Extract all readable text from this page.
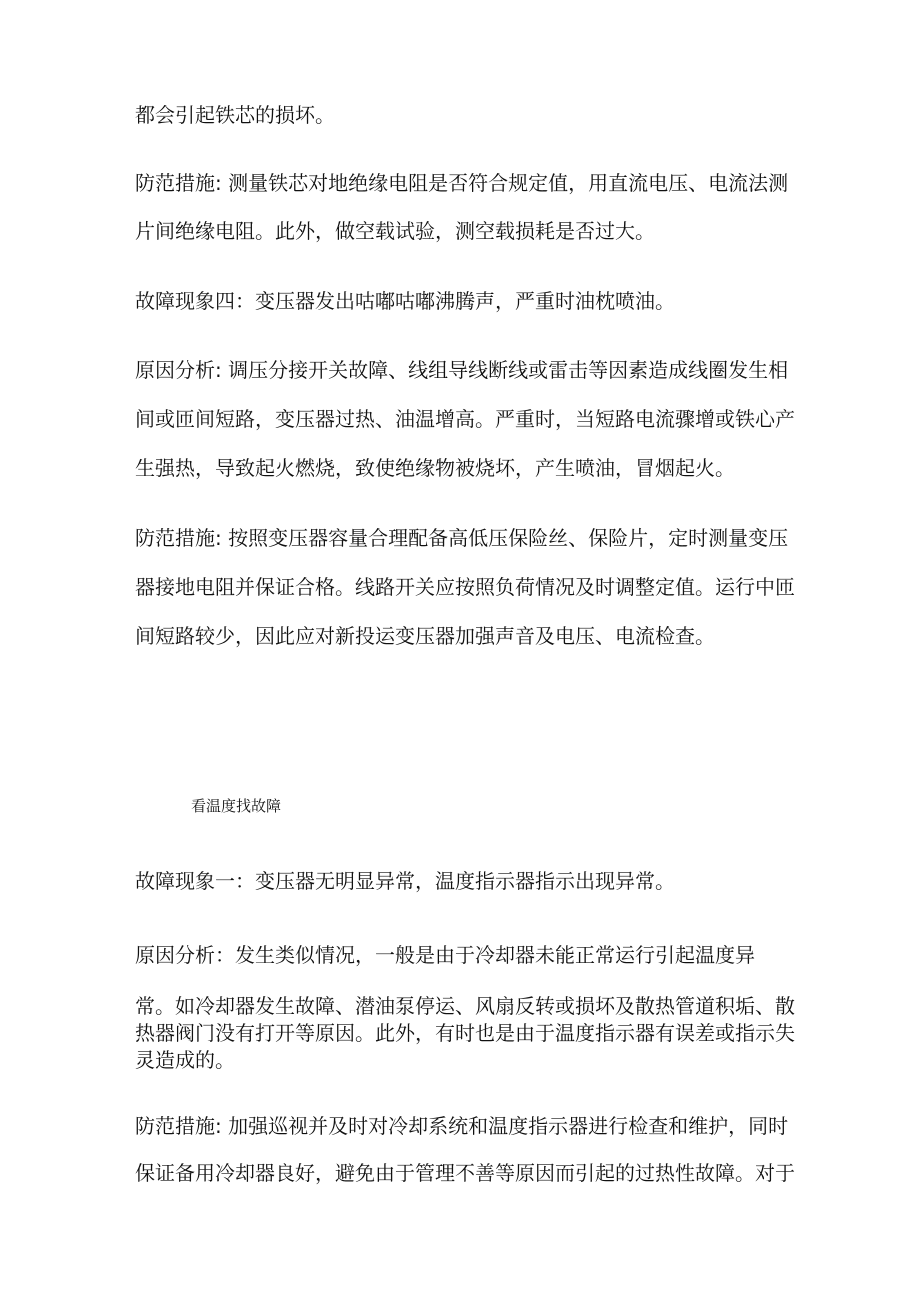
都会引起铁芯的损坏。

防范措施: 测量铁芯对地绝缘电阻是否符合规定值，用直流电压、电流法测

片间绝缘电阻。此外，做空载试验，测空载损耗是否过大。

故障现象四：变压器发出咕嘟咕嘟沸腾声，严重时油枕喷油。

原因分析: 调压分接开关故障、线组导线断线或雷击等因素造成线圈发生相

间或匝间短路，变压器过热、油温增高。严重时，当短路电流骤增或铁心产

生强热，导致起火燃烧，致使绝缘物被烧坏，产生喷油，冒烟起火。

防范措施: 按照变压器容量合理配备高低压保险丝、保险片，定时测量变压

器接地电阻并保证合格。线路开关应按照负荷情况及时调整定值。运行中匝

间短路较少，因此应对新投运变压器加强声音及电压、电流检查。

看温度找故障

故障现象一：变压器无明显异常，温度指示器指示出现异常。

原因分析：发生类似情况，一般是由于冷却器未能正常运行引起温度异

常。如冷却器发生故障、潜油泵停运、风扇反转或损坏及散热管道积垢、散

热器阀门没有打开等原因。此外，有时也是由于温度指示器有误差或指示失

灵造成的。

防范措施: 加强巡视并及时对冷却系统和温度指示器进行检查和维护，同时

保证备用冷却器良好，避免由于管理不善等原因而引起的过热性故障。对于
